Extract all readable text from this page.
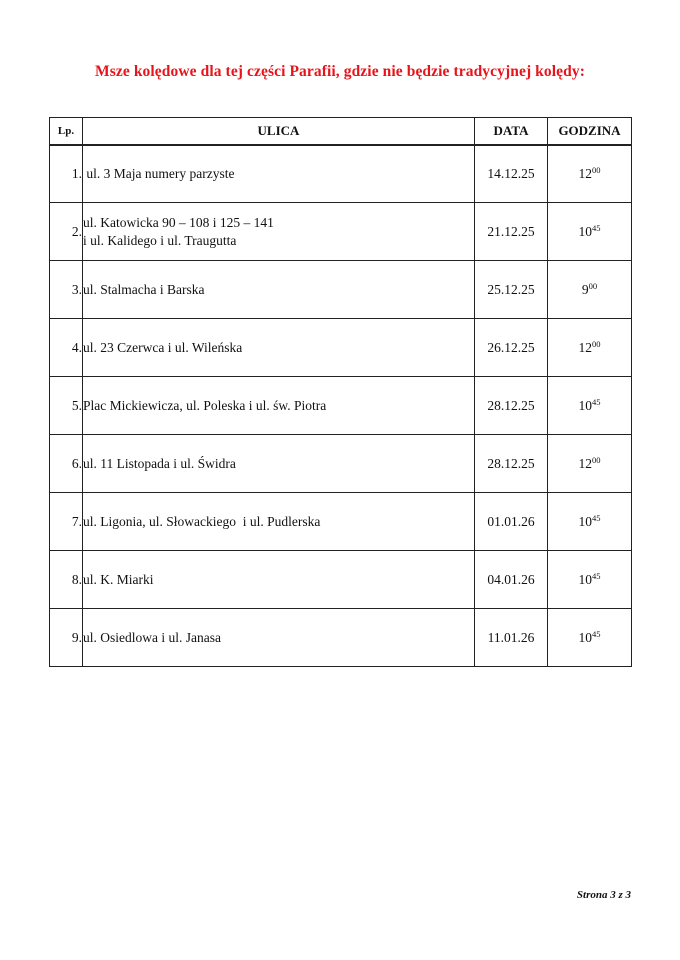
Msze kolędowe dla tej części Parafii, gdzie nie będzie tradycyjnej kolędy:
Lp.	ULICA	DATA	GODZINA
1.	ul. 3 Maja numery parzyste	14.12.25	$12^{00}$
2.	ul. Katowicka 90 – 108 i 125 – 141
i ul. Kalidego i ul. Traugutta	21.12.25	$10^{45}$
3.	ul. Stalmacha i Barska	25.12.25	$9^{00}$
4.	ul. 23 Czerwca i ul. Wileńska	26.12.25	$12^{00}$
5.	Plac Mickiewicza, ul. Poleska i ul. św. Piotra	28.12.25	$10^{45}$
6.	ul. 11 Listopada i ul. Świdra	28.12.25	$12^{00}$
7.	ul. Ligonia, ul. Słowackiego  i ul. Pudlerska	01.01.26	$10^{45}$
8.	ul. K. Miarki	04.01.26	$10^{45}$
9.	ul. Osiedlowa i ul. Janasa	11.01.26	$10^{45}$
Strona 3 z 3
